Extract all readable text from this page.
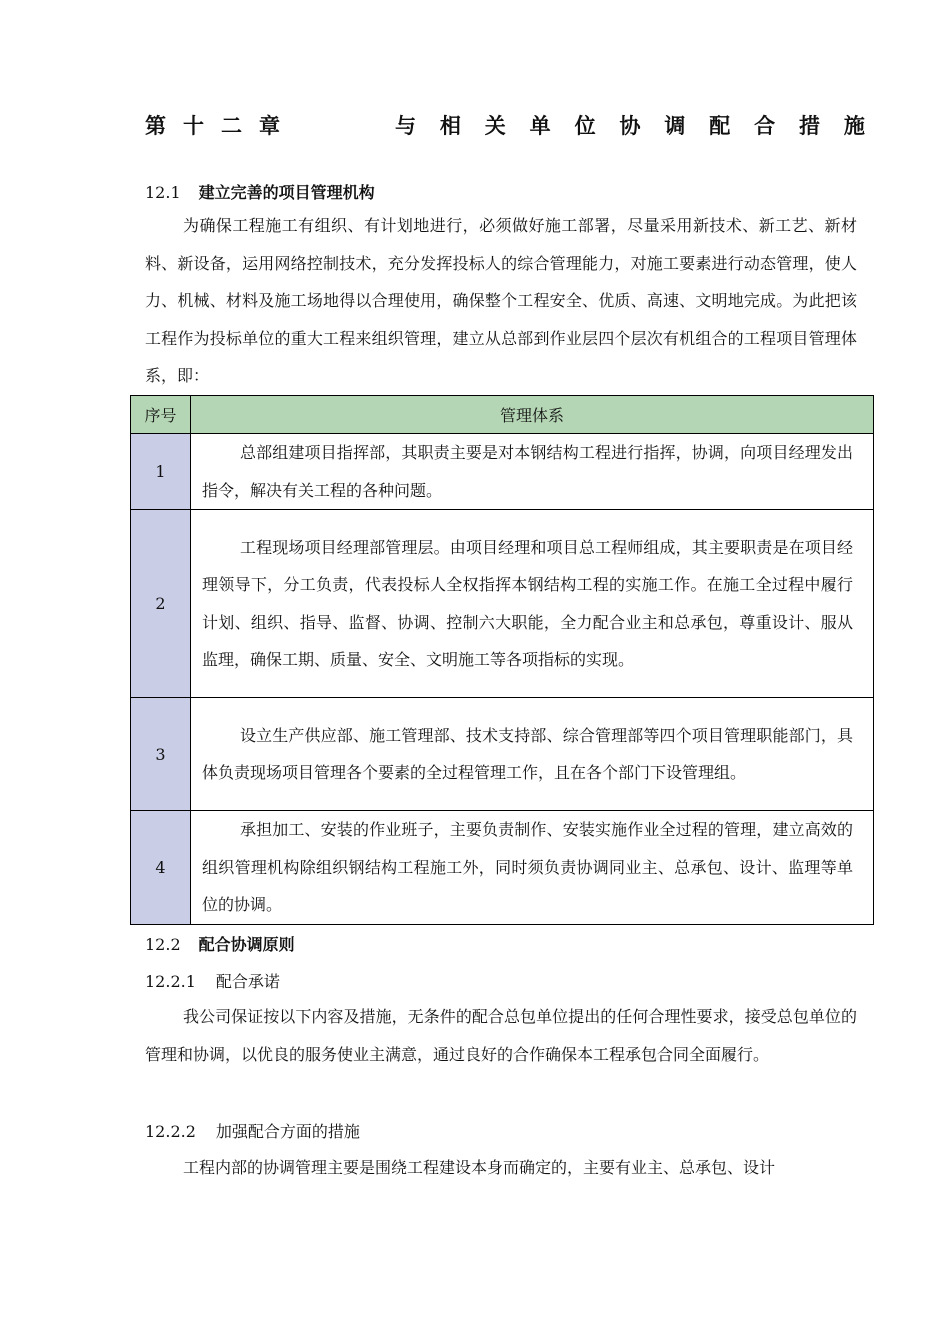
第 十 二 章	与 相 关 单 位 协 调 配 合 措 施
12.1 建立完善的项目管理机构

为确保工程施工有组织、有计划地进行，必须做好施工部署，尽量采用新技术、新工艺、新材料、新设备，运用网络控制技术，充分发挥投标人的综合管理能力，对施工要素进行动态管理，使人力、机械、材料及施工场地得以合理使用，确保整个工程安全、优质、高速、文明地完成。为此把该工程作为投标单位的重大工程来组织管理，建立从总部到作业层四个层次有机组合的工程项目管理体系，即：

序号	管理体系
1	总部组建项目指挥部，其职责主要是对本钢结构工程进行指挥，协调，向项目经理发出指令，解决有关工程的各种问题。
2	工程现场项目经理部管理层。由项目经理和项目总工程师组成，其主要职责是在项目经理领导下，分工负责，代表投标人全权指挥本钢结构工程的实施工作。在施工全过程中履行计划、组织、指导、监督、协调、控制六大职能，全力配合业主和总承包，尊重设计、服从监理，确保工期、质量、安全、文明施工等各项指标的实现。
3	设立生产供应部、施工管理部、技术支持部、综合管理部等四个项目管理职能部门，具体负责现场项目管理各个要素的全过程管理工作，且在各个部门下设管理组。
4	承担加工、安装的作业班子，主要负责制作、安装实施作业全过程的管理，建立高效的组织管理机构除组织钢结构工程施工外，同时须负责协调同业主、总承包、设计、监理等单位的协调。
12.2 配合协调原则
12.2.1 配合承诺

我公司保证按以下内容及措施，无条件的配合总包单位提出的任何合理性要求，接受总包单位的管理和协调，以优良的服务使业主满意，通过良好的合作确保本工程承包合同全面履行。

12.2.2 加强配合方面的措施

工程内部的协调管理主要是围绕工程建设本身而确定的，主要有业主、总承包、设计
